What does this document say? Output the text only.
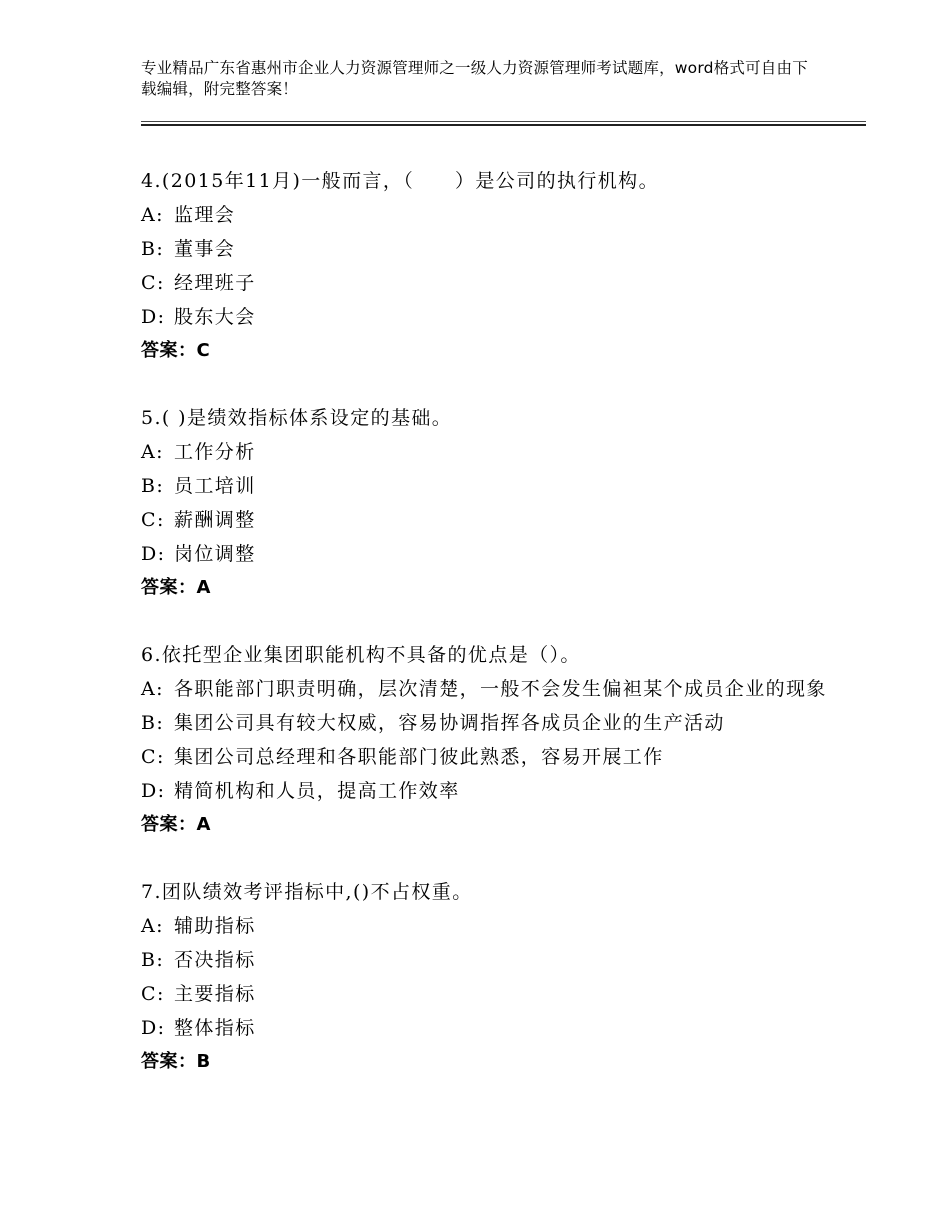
专业精品广东省惠州市企业人力资源管理师之一级人力资源管理师考试题库，word格式可自由下载编辑，附完整答案！
4.(2015年11月)一般而言，（　　）是公司的执行机构。
A: 监理会
B: 董事会
C: 经理班子
D: 股东大会
答案：C
5.( )是绩效指标体系设定的基础。
A: 工作分析
B: 员工培训
C: 薪酬调整
D: 岗位调整
答案：A
6.依托型企业集团职能机构不具备的优点是（）。
A: 各职能部门职责明确，层次清楚，一般不会发生偏袒某个成员企业的现象
B: 集团公司具有较大权威，容易协调指挥各成员企业的生产活动
C: 集团公司总经理和各职能部门彼此熟悉，容易开展工作
D: 精简机构和人员，提高工作效率
答案：A
7.团队绩效考评指标中,()不占权重。
A: 辅助指标
B: 否决指标
C: 主要指标
D: 整体指标
答案：B
